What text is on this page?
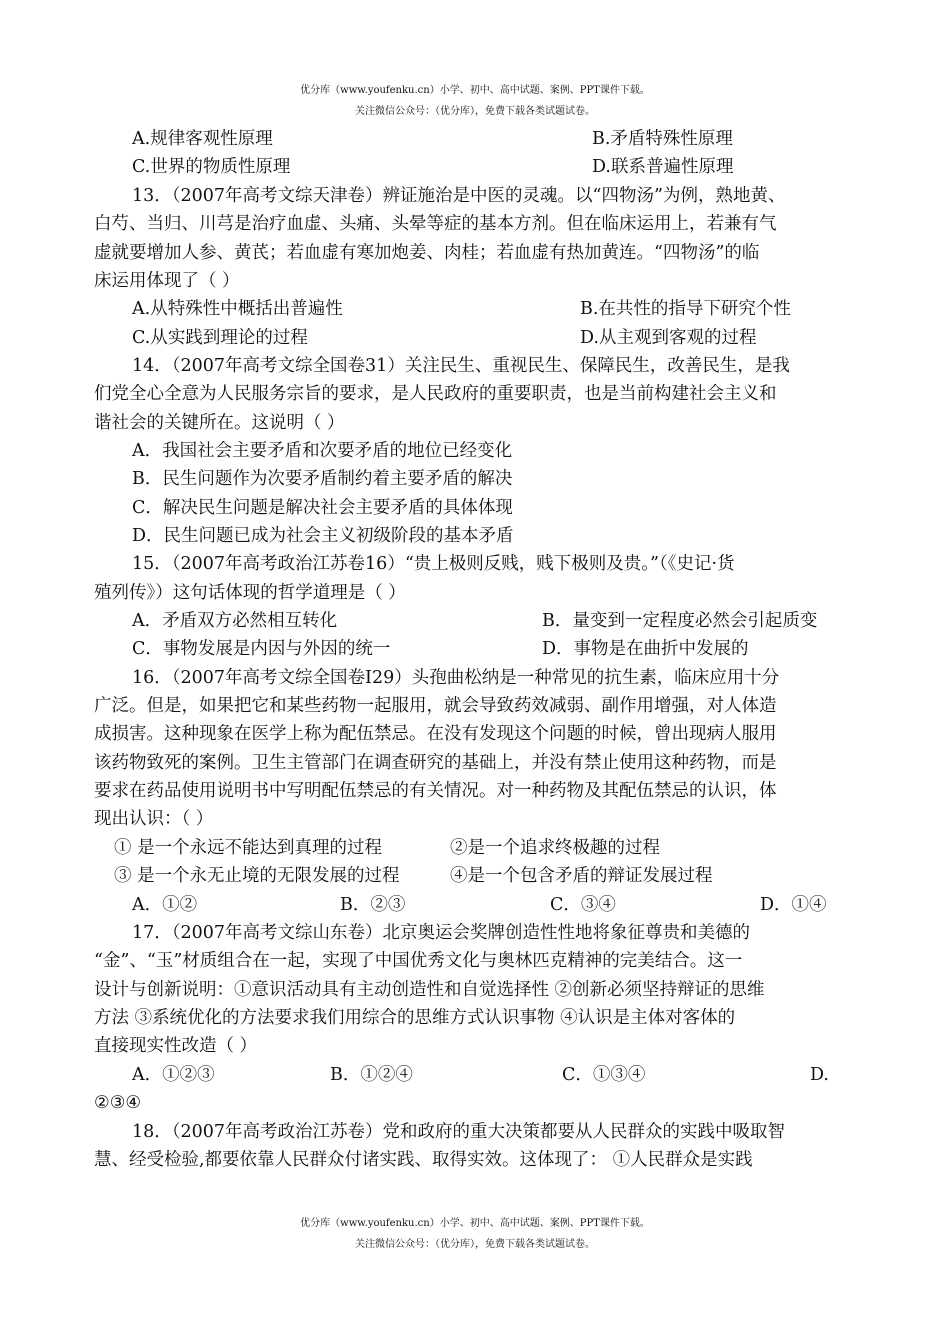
优分库（www.youfenku.cn）小学、初中、高中试题、案例、PPT课件下载。
关注微信公众号：（优分库），免费下载各类试题试卷。
A.规律客观性原理	B.矛盾特殊性原理
C.世界的物质性原理	D.联系普遍性原理
13．（2007年高考文综天津卷）辨证施治是中医的灵魂。以“四物汤”为例，熟地黄、
白芍、当归、川芎是治疗血虚、头痛、头晕等症的基本方剂。但在临床运用上，若兼有气
虚就要增加人参、黄芪；若血虚有寒加炮姜、肉桂；若血虚有热加黄连。“四物汤”的临
床运用体现了（ ）
A.从特殊性中概括出普遍性	B.在共性的指导下研究个性
C.从实践到理论的过程	D.从主观到客观的过程
14．（2007年高考文综全国卷31）关注民生、重视民生、保障民生，改善民生，是我
们党全心全意为人民服务宗旨的要求，是人民政府的重要职责，也是当前构建社会主义和
谐社会的关键所在。这说明（ ）
A．我国社会主要矛盾和次要矛盾的地位已经变化
B．民生问题作为次要矛盾制约着主要矛盾的解决
C．解决民生问题是解决社会主要矛盾的具体体现
D．民生问题已成为社会主义初级阶段的基本矛盾
15．（2007年高考政治江苏卷16）“贵上极则反贱，贱下极则及贵。”（《史记·货
殖列传》）这句话体现的哲学道理是（ ）
A．矛盾双方必然相互转化	B．量变到一定程度必然会引起质变
C．事物发展是内因与外因的统一	D．事物是在曲折中发展的
16．（2007年高考文综全国卷Ⅰ29）头孢曲松纳是一种常见的抗生素，临床应用十分
广泛。但是，如果把它和某些药物一起服用，就会导致药效减弱、副作用增强，对人体造
成损害。这种现象在医学上称为配伍禁忌。在没有发现这个问题的时候，曾出现病人服用
该药物致死的案例。卫生主管部门在调查研究的基础上，并没有禁止使用这种药物，而是
要求在药品使用说明书中写明配伍禁忌的有关情况。对一种药物及其配伍禁忌的认识，体
现出认识：（ ）
① 是一个永远不能达到真理的过程	②是一个追求终极趣的过程
③ 是一个永无止境的无限发展的过程	④是一个包含矛盾的辩证发展过程
A．①②	B．②③	C．③④	D．①④
17．（2007年高考文综山东卷）北京奥运会奖牌创造性性地将象征尊贵和美德的
“金”、“玉”材质组合在一起，实现了中国优秀文化与奥林匹克精神的完美结合。这一
设计与创新说明：①意识活动具有主动创造性和自觉选择性 ②创新必须坚持辩证的思维
方法 ③系统优化的方法要求我们用综合的思维方式认识事物 ④认识是主体对客体的
直接现实性改造（ ）
A．①②③	B．①②④	C．①③④	D.
②③④
18．（2007年高考政治江苏卷）党和政府的重大决策都要从人民群众的实践中吸取智
慧、经受检验,都要依靠人民群众付诸实践、取得实效。这体现了： ①人民群众是实践
优分库（www.youfenku.cn）小学、初中、高中试题、案例、PPT课件下载。
关注微信公众号：（优分库），免费下载各类试题试卷。
